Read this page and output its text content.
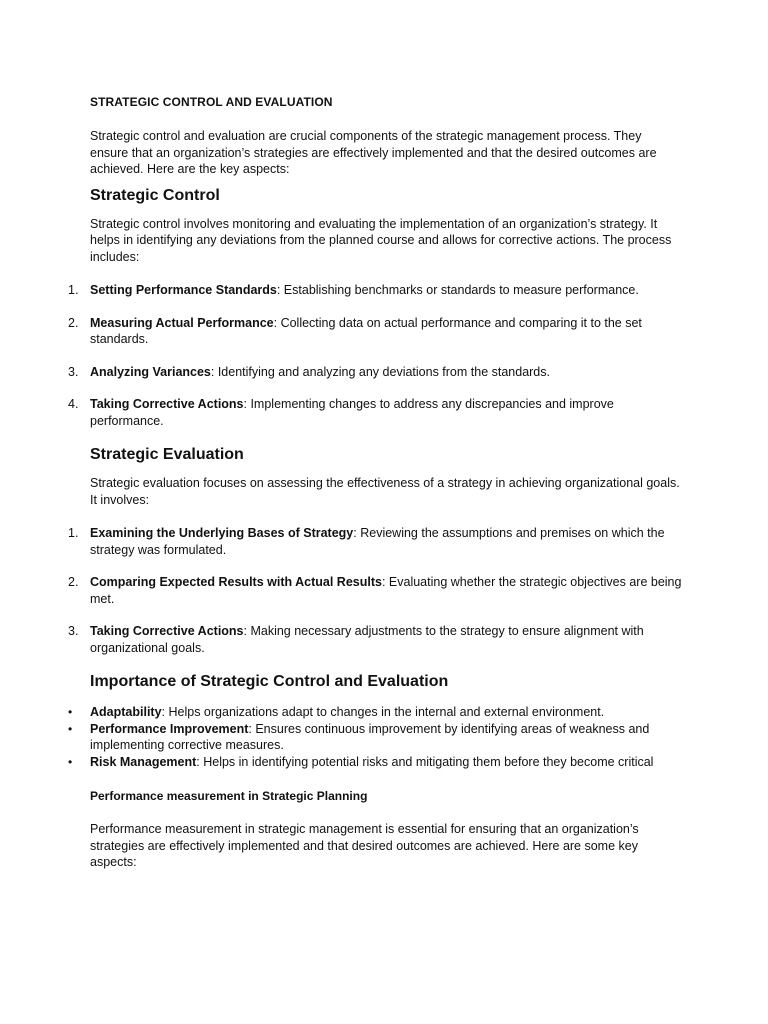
STRATEGIC CONTROL AND EVALUATION

Strategic control and evaluation are crucial components of the strategic management process. They ensure that an organization’s strategies are effectively implemented and that the desired outcomes are achieved. Here are the key aspects:

Strategic Control

Strategic control involves monitoring and evaluating the implementation of an organization’s strategy. It helps in identifying any deviations from the planned course and allows for corrective actions. The process includes:

1. Setting Performance Standards: Establishing benchmarks or standards to measure performance.
2. Measuring Actual Performance: Collecting data on actual performance and comparing it to the set standards.
3. Analyzing Variances: Identifying and analyzing any deviations from the standards.
4. Taking Corrective Actions: Implementing changes to address any discrepancies and improve performance.
Strategic Evaluation

Strategic evaluation focuses on assessing the effectiveness of a strategy in achieving organizational goals. It involves:

1. Examining the Underlying Bases of Strategy: Reviewing the assumptions and premises on which the strategy was formulated.
2. Comparing Expected Results with Actual Results: Evaluating whether the strategic objectives are being met.
3. Taking Corrective Actions: Making necessary adjustments to the strategy to ensure alignment with organizational goals.
Importance of Strategic Control and Evaluation
• Adaptability: Helps organizations adapt to changes in the internal and external environment.
• Performance Improvement: Ensures continuous improvement by identifying areas of weakness and implementing corrective measures.
• Risk Management: Helps in identifying potential risks and mitigating them before they become critical
Performance measurement in Strategic Planning

Performance measurement in strategic management is essential for ensuring that an organization’s strategies are effectively implemented and that desired outcomes are achieved. Here are some key aspects:
